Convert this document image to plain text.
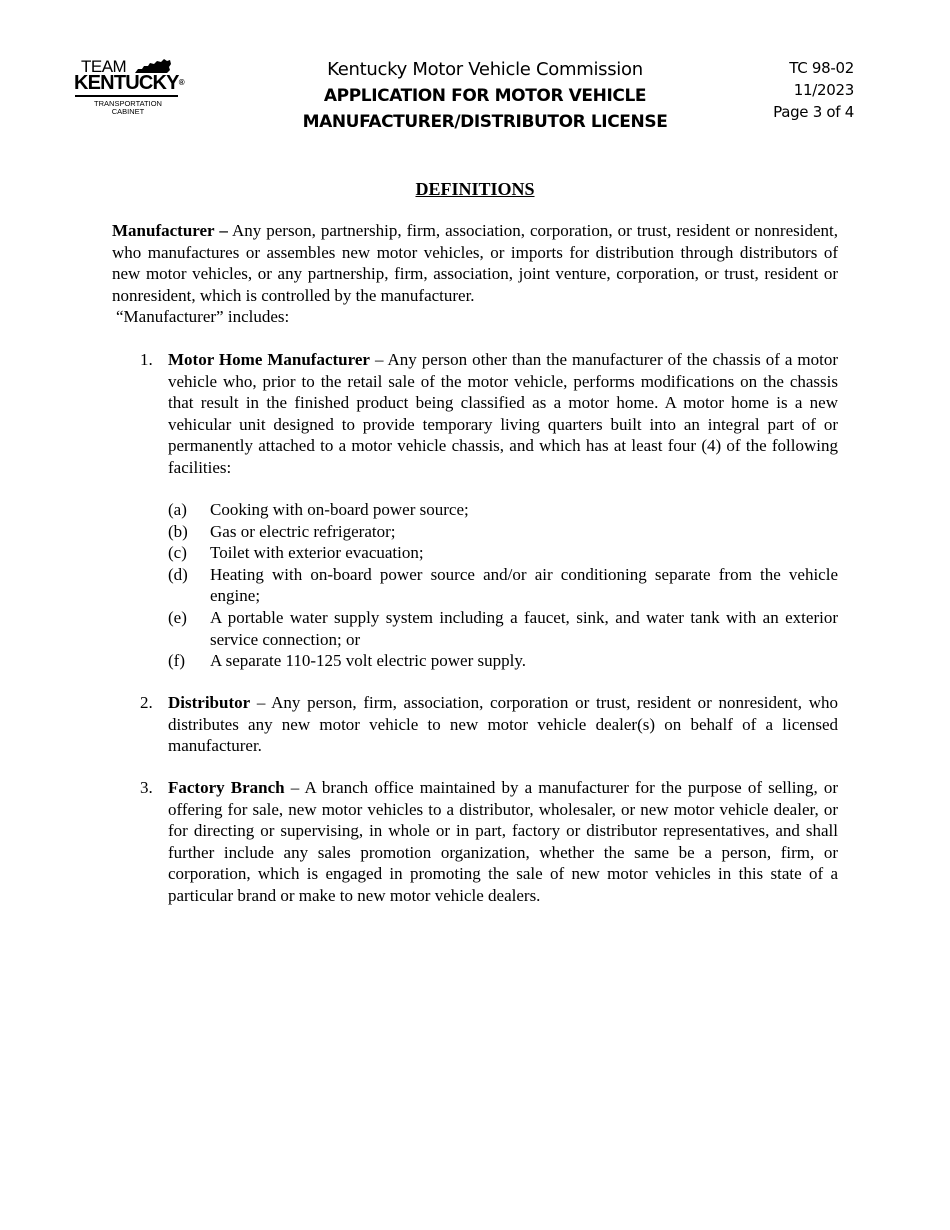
TEAM
KENTUCKY®
TRANSPORTATION
CABINET
Kentucky Motor Vehicle Commission
APPLICATION FOR MOTOR VEHICLE
MANUFACTURER/DISTRIBUTOR LICENSE
TC 98-02
11/2023
Page 3 of 4
DEFINITIONS

Manufacturer – Any person, partnership, firm, association, corporation, or trust, resident or nonresident, who manufactures or assembles new motor vehicles, or imports for distribution through distributors of new motor vehicles, or any partnership, firm, association, joint venture, corporation, or trust, resident or nonresident, which is controlled by the manufacturer.

“Manufacturer” includes:

1. Motor Home Manufacturer – Any person other than the manufacturer of the chassis of a motor vehicle who, prior to the retail sale of the motor vehicle, performs modifications on the chassis that result in the finished product being classified as a motor home. A motor home is a new vehicular unit designed to provide temporary living quarters built into an integral part of or permanently attached to a motor vehicle chassis, and which has at least four (4) of the following facilities:

(a) Cooking with on-board power source;
(b) Gas or electric refrigerator;
(c) Toilet with exterior evacuation;
(d) Heating with on-board power source and/or air conditioning separate from the vehicle engine;
(e) A portable water supply system including a faucet, sink, and water tank with an exterior service connection; or
(f) A separate 110-125 volt electric power supply.
2. Distributor – Any person, firm, association, corporation or trust, resident or nonresident, who distributes any new motor vehicle to new motor vehicle dealer(s) on behalf of a licensed manufacturer.

3. Factory Branch – A branch office maintained by a manufacturer for the purpose of selling, or offering for sale, new motor vehicles to a distributor, wholesaler, or new motor vehicle dealer, or for directing or supervising, in whole or in part, factory or distributor representatives, and shall further include any sales promotion organization, whether the same be a person, firm, or corporation, which is engaged in promoting the sale of new motor vehicles in this state of a particular brand or make to new motor vehicle dealers.
